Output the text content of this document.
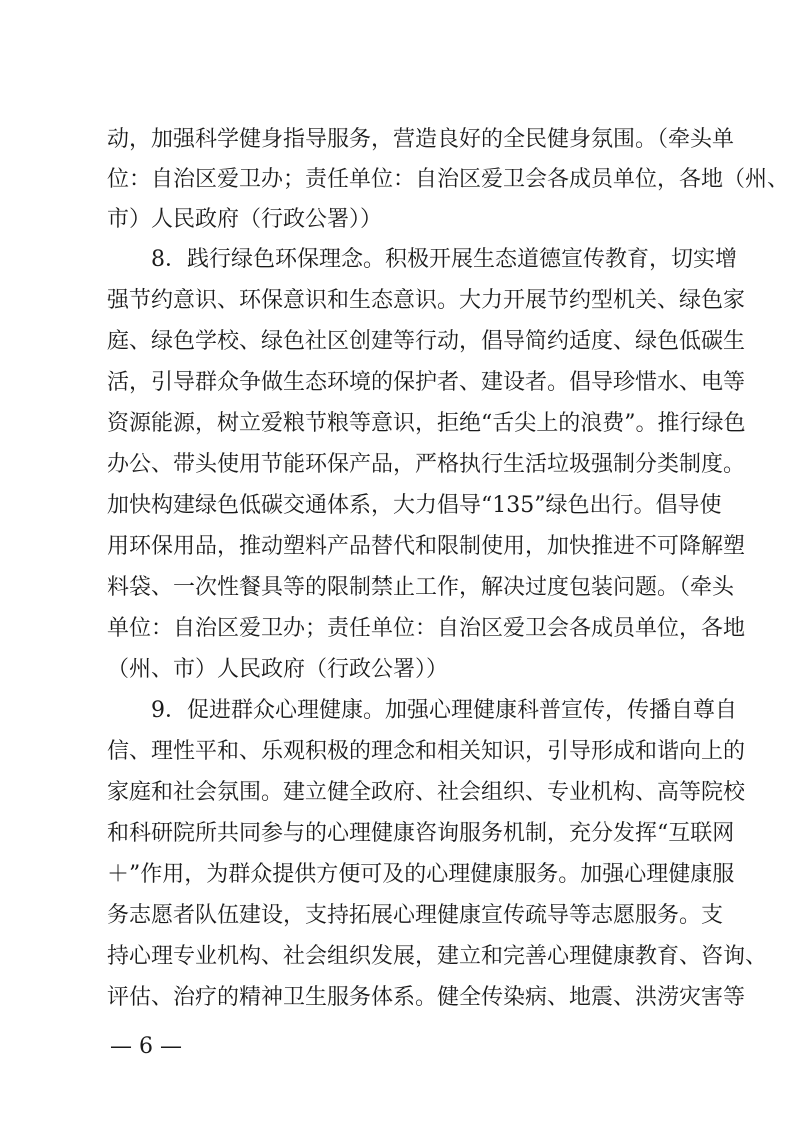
动，加强科学健身指导服务，营造良好的全民健身氛围。（牵头单
位：自治区爱卫办；责任单位：自治区爱卫会各成员单位，各地（州、
市）人民政府（行政公署））
8．践行绿色环保理念。积极开展生态道德宣传教育，切实增
强节约意识、环保意识和生态意识。大力开展节约型机关、绿色家
庭、绿色学校、绿色社区创建等行动，倡导简约适度、绿色低碳生
活，引导群众争做生态环境的保护者、建设者。倡导珍惜水、电等
资源能源，树立爱粮节粮等意识，拒绝“舌尖上的浪费”。推行绿色
办公、带头使用节能环保产品，严格执行生活垃圾强制分类制度。
加快构建绿色低碳交通体系，大力倡导“135”绿色出行。倡导使
用环保用品，推动塑料产品替代和限制使用，加快推进不可降解塑
料袋、一次性餐具等的限制禁止工作，解决过度包装问题。（牵头
单位：自治区爱卫办；责任单位：自治区爱卫会各成员单位，各地
（州、市）人民政府（行政公署））
9．促进群众心理健康。加强心理健康科普宣传，传播自尊自
信、理性平和、乐观积极的理念和相关知识，引导形成和谐向上的
家庭和社会氛围。建立健全政府、社会组织、专业机构、高等院校
和科研院所共同参与的心理健康咨询服务机制，充分发挥“互联网
＋”作用，为群众提供方便可及的心理健康服务。加强心理健康服
务志愿者队伍建设，支持拓展心理健康宣传疏导等志愿服务。支
持心理专业机构、社会组织发展，建立和完善心理健康教育、咨询、
评估、治疗的精神卫生服务体系。健全传染病、地震、洪涝灾害等
— 6 —
